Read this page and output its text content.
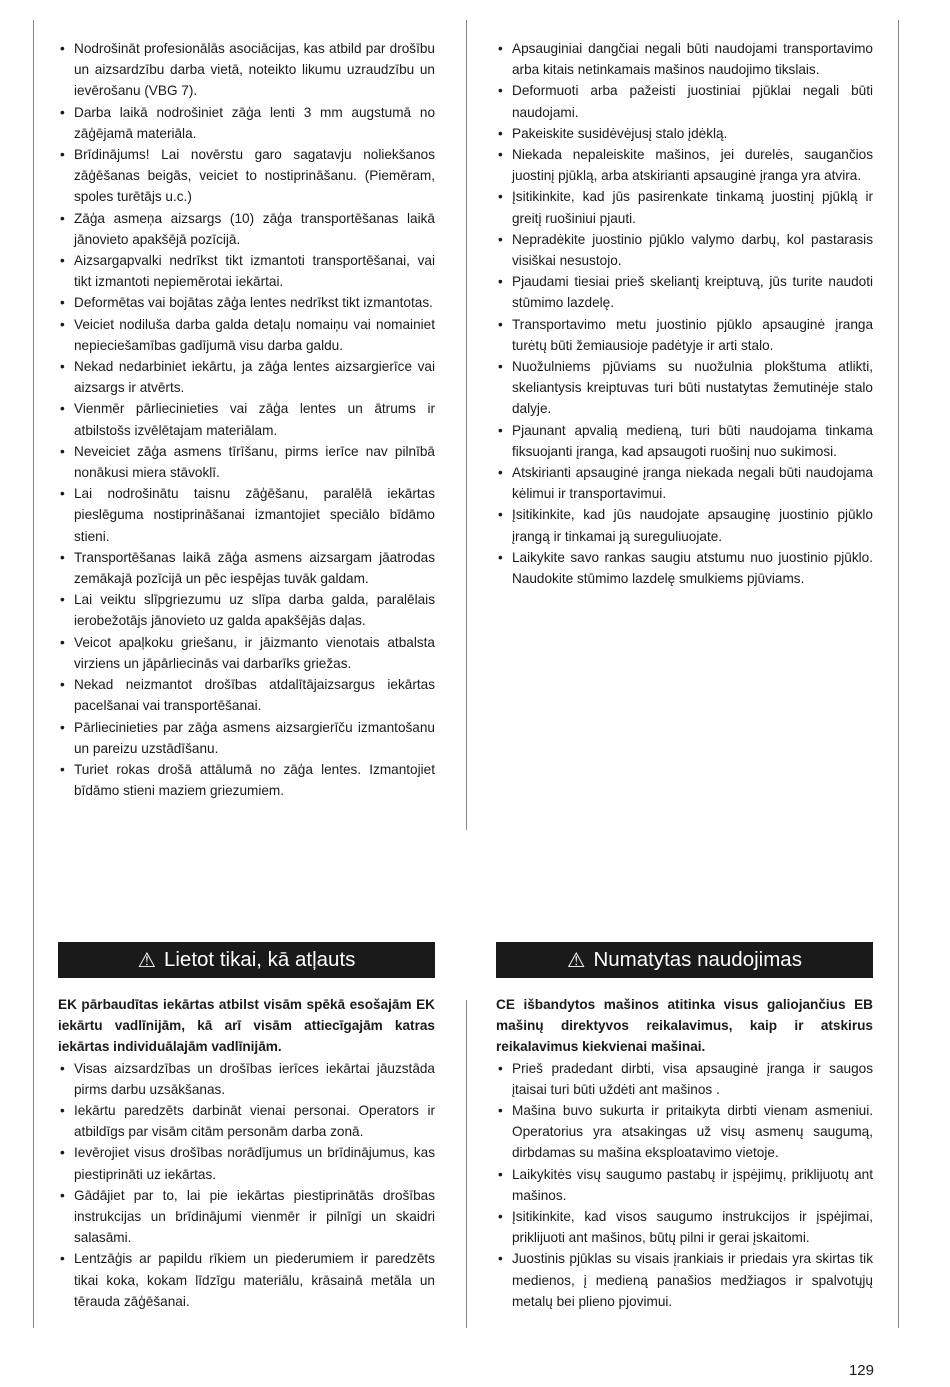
• Nodrošināt profesionālās asociācijas, kas atbild par drošību un aizsardzību darba vietā, noteikto likumu uzraudzību un ievērošanu (VBG 7).
• Darba laikā nodrošiniet zāģa lenti 3 mm augstumā no zāģējamā materiāla.
• Brīdinājums! Lai novērstu garo sagatavju noliekšanos zāģēšanas beigās, veiciet to nostiprināšanu. (Piemēram, spoles turētājs u.c.)
• Zāģa asmeņa aizsargs (10) zāģa transportēšanas laikā jānovieto apakšējā pozīcijā.
• Aizsargapvalki nedrīkst tikt izmantoti transportēšanai, vai tikt izmantoti nepiemērotai iekārtai.
• Deformētas vai bojātas zāģa lentes nedrīkst tikt izmantotas.
• Veiciet nodiluša darba galda detaļu nomaiņu vai nomainiet nepieciešamības gadījumā visu darba galdu.
• Nekad nedarbiniet iekārtu, ja zāģa lentes aizsargierīce vai aizsargs ir atvērts.
• Vienmēr pārliecinieties vai zāģa lentes un ātrums ir atbilstošs izvēlētajam materiālam.
• Neveiciet zāģa asmens tīrīšanu, pirms ierīce nav pilnībā nonākusi miera stāvoklī.
• Lai nodrošinātu taisnu zāģēšanu, paralēlā iekārtas pieslēguma nostiprināšanai izmantojiet speciālo bīdāmo stieni.
• Transportēšanas laikā zāģa asmens aizsargam jāatrodas zemākajā pozīcijā un pēc iespējas tuvāk galdam.
• Lai veiktu slīpgriezumu uz slīpa darba galda, paralēlais ierobežotājs jānovieto uz galda apakšējās daļas.
• Veicot apaļkoku griešanu, ir jāizmanto vienotais atbalsta virziens un jāpārliecinās vai darbarīks griežas.
• Nekad neizmantot drošības atdalītājaizsargus iekārtas pacelšanai vai transportēšanai.
• Pārliecinieties par zāģa asmens aizsargierīču izmantošanu un pareizu uzstādīšanu.
• Turiet rokas drošā attālumā no zāģa lentes. Izmantojiet bīdāmo stieni maziem griezumiem.
• Apsauginiai dangčiai negali būti naudojami transportavimo arba kitais netinkamais mašinos naudojimo tikslais.
• Deformuoti arba pažeisti juostiniai pjūklai negali būti naudojami.
• Pakeiskite susidėvėjusį stalo įdėklą.
• Niekada nepaleiskite mašinos, jei durelės, saugančios juostinį pjūklą, arba atskirianti apsauginė įranga yra atvira.
• Įsitikinkite, kad jūs pasirenkate tinkamą juostinį pjūklą ir greitį ruošiniui pjauti.
• Nepradėkite juostinio pjūklo valymo darbų, kol pastarasis visiškai nesustojo.
• Pjaudami tiesiai prieš skeliantį kreiptuvą, jūs turite naudoti stūmimo lazdelę.
• Transportavimo metu juostinio pjūklo apsauginė įranga turėtų būti žemiausioje padėtyje ir arti stalo.
• Nuožulniems pjūviams su nuožulnia plokštuma atlikti, skeliantysis kreiptuvas turi būti nustatytas žemutinėje stalo dalyje.
• Pjaunant apvalią medieną, turi būti naudojama tinkama fiksuojanti įranga, kad apsaugoti ruošinį nuo sukimosi.
• Atskirianti apsauginė įranga niekada negali būti naudojama kėlimui ir transportavimui.
• Įsitikinkite, kad jūs naudojate apsauginę juostinio pjūklo įrangą ir tinkamai ją sureguliuojate.
• Laikykite savo rankas saugiu atstumu nuo juostinio pjūklo. Naudokite stūmimo lazdelę smulkiems pjūviams.
⚠ Lietot tikai, kā atļauts	⚠ Numatytas naudojimas

EK pārbaudītas iekārtas atbilst visām spēkā esošajām EK iekārtu vadlīnijām, kā arī visām attiecīgajām katras iekārtas individuālajām vadlīnijām.

• Visas aizsardzības un drošības ierīces iekārtai jāuzstāda pirms darbu uzsākšanas.
• Iekārtu paredzēts darbināt vienai personai. Operators ir atbildīgs par visām citām personām darba zonā.
• Ievērojiet visus drošības norādījumus un brīdinājumus, kas piestiprināti uz iekārtas.
• Gādājiet par to, lai pie iekārtas piestiprinātās drošības instrukcijas un brīdinājumi vienmēr ir pilnīgi un skaidri salasāmi.
• Lentzāģis ar papildu rīkiem un piederumiem ir paredzēts tikai koka, kokam līdzīgu materiālu, krāsainā metāla un tērauda zāģēšanai.

CE išbandytos mašinos atitinka visus galiojančius EB mašinų direktyvos reikalavimus, kaip ir atskirus reikalavimus kiekvienai mašinai.

• Prieš pradedant dirbti, visa apsauginė įranga ir saugos įtaisai turi būti uždėti ant mašinos .
• Mašina buvo sukurta ir pritaikyta dirbti vienam asmeniui. Operatorius yra atsakingas už visų asmenų saugumą, dirbdamas su mašina eksploatavimo vietoje.
• Laikykitės visų saugumo pastabų ir įspėjimų, priklijuotų ant mašinos.
• Įsitikinkite, kad visos saugumo instrukcijos ir įspėjimai, priklijuoti ant mašinos, būtų pilni ir gerai įskaitomi.
• Juostinis pjūklas su visais įrankiais ir priedais yra skirtas tik medienos, į medieną panašios medžiagos ir spalvotųjų metalų bei plieno pjovimui.
129
